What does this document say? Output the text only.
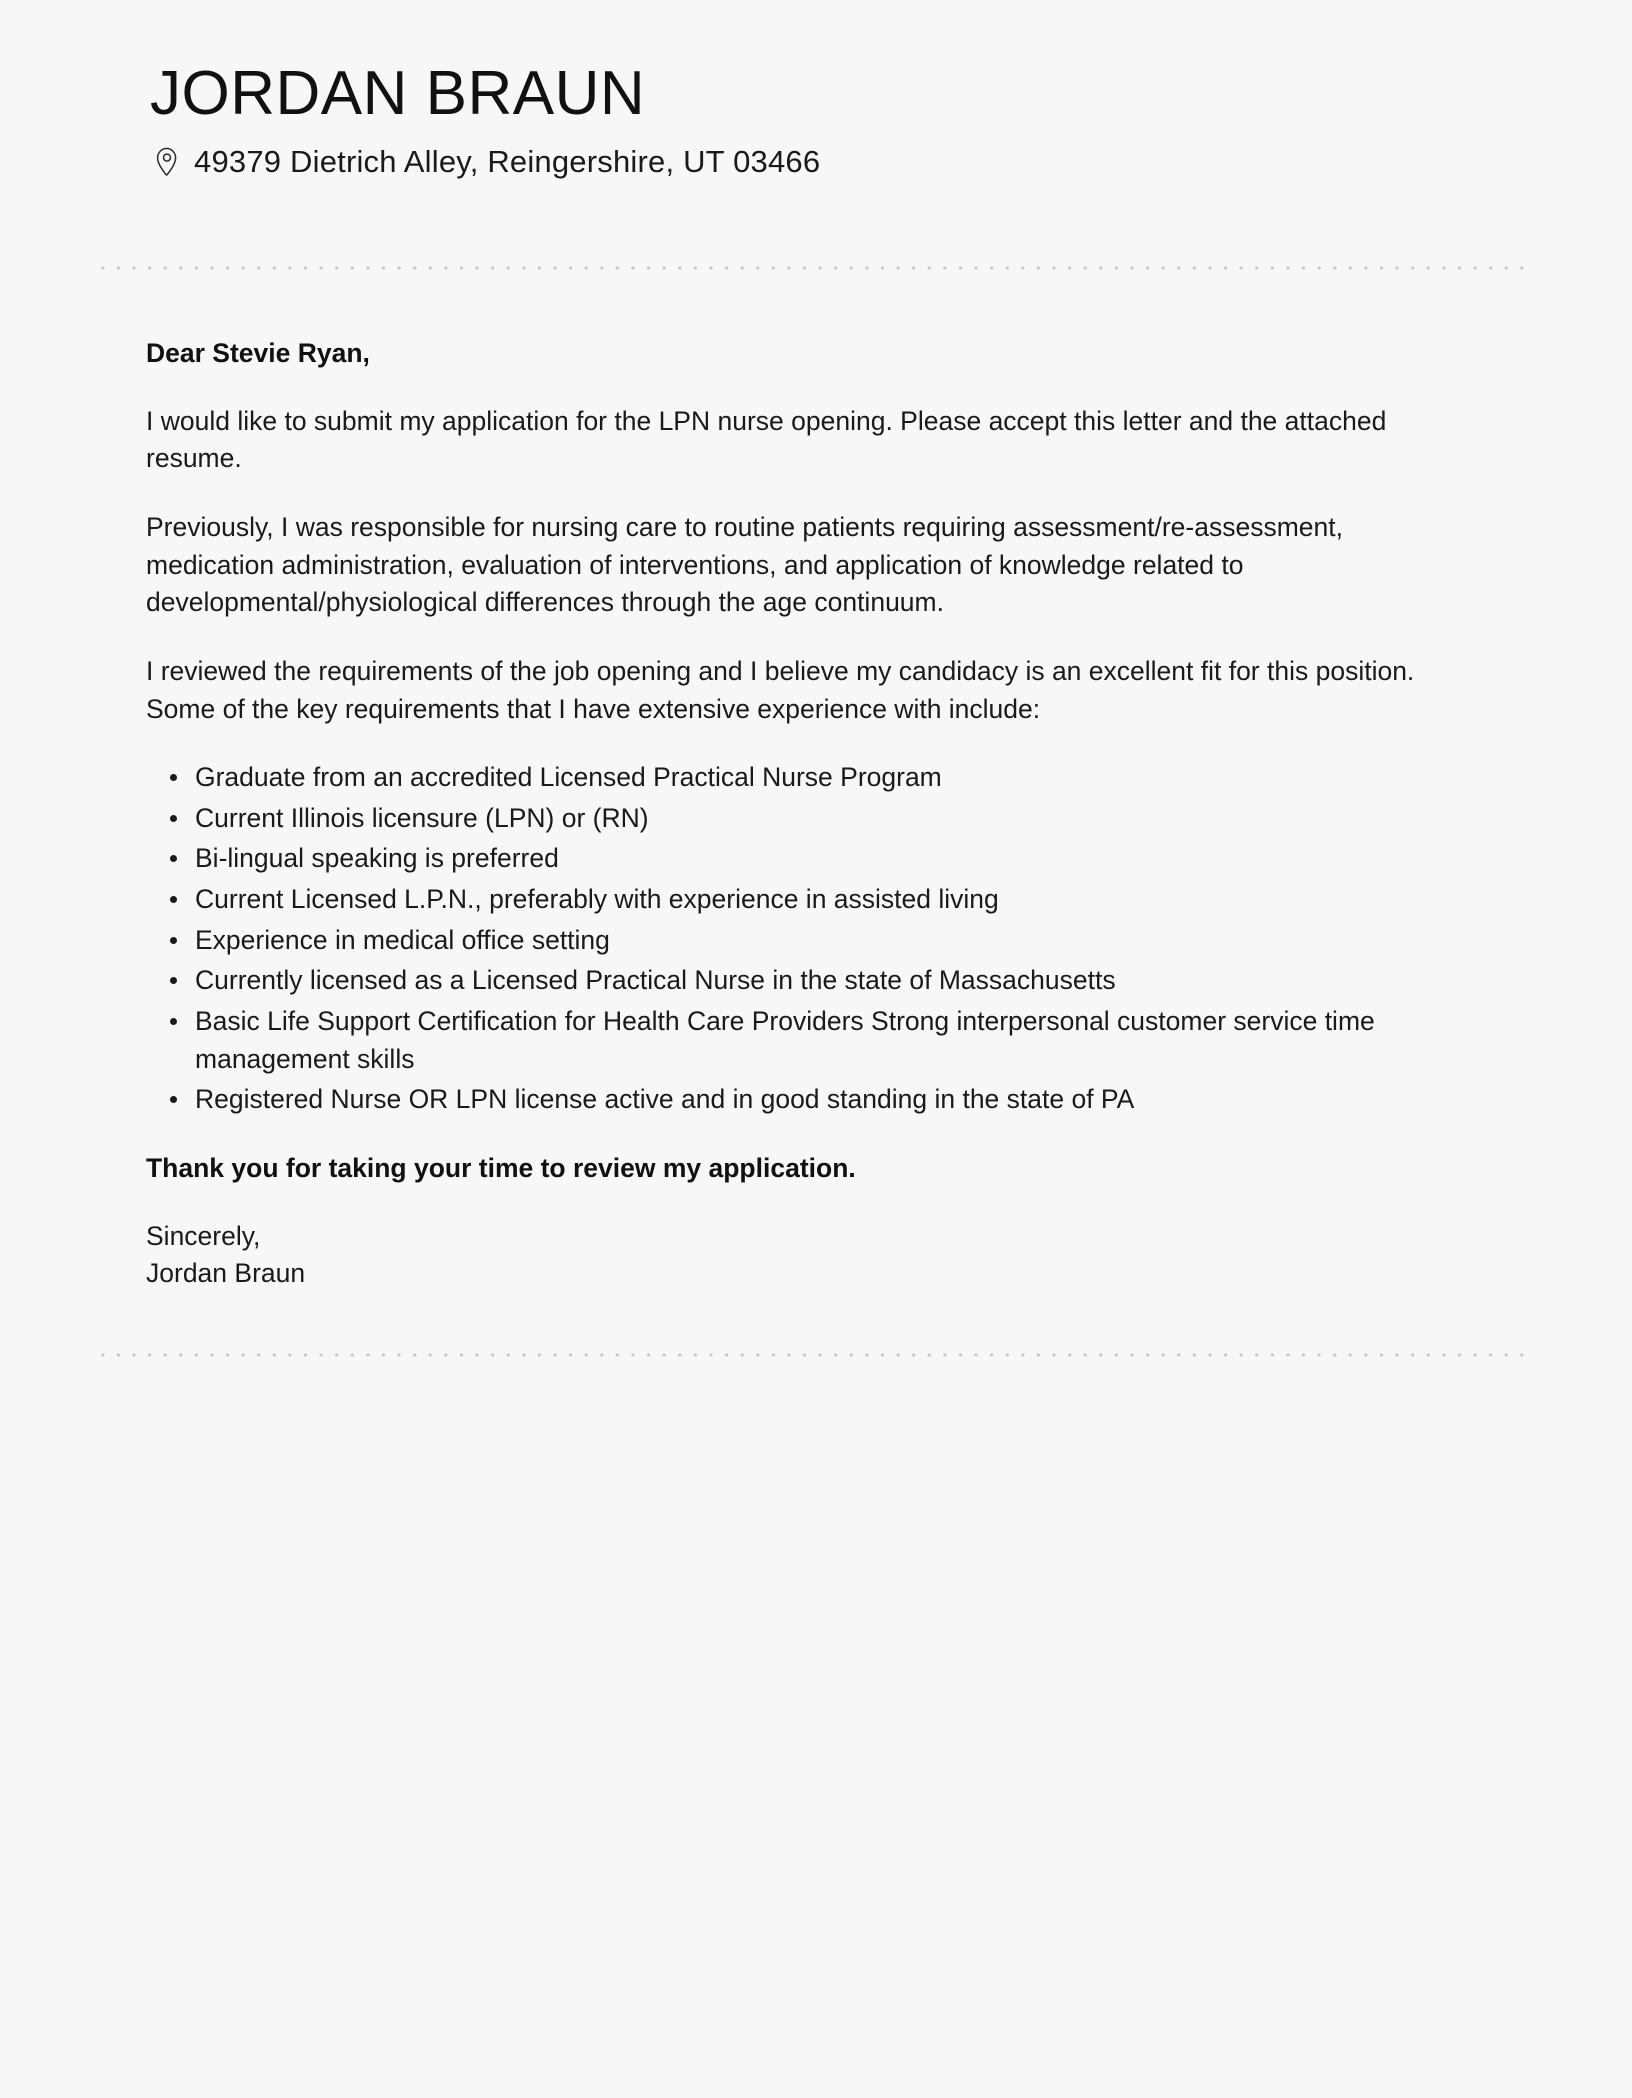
JORDAN BRAUN
49379 Dietrich Alley, Reingershire, UT 03466

Dear Stevie Ryan,

I would like to submit my application for the LPN nurse opening. Please accept this letter and the attached resume.

Previously, I was responsible for nursing care to routine patients requiring assessment/re-assessment, medication administration, evaluation of interventions, and application of knowledge related to developmental/physiological differences through the age continuum.

I reviewed the requirements of the job opening and I believe my candidacy is an excellent fit for this position. Some of the key requirements that I have extensive experience with include:

Graduate from an accredited Licensed Practical Nurse Program
Current Illinois licensure (LPN) or (RN)
Bi-lingual speaking is preferred
Current Licensed L.P.N., preferably with experience in assisted living
Experience in medical office setting
Currently licensed as a Licensed Practical Nurse in the state of Massachusetts
Basic Life Support Certification for Health Care Providers Strong interpersonal customer service time management skills
Registered Nurse OR LPN license active and in good standing in the state of PA

Thank you for taking your time to review my application.

Sincerely,
Jordan Braun
